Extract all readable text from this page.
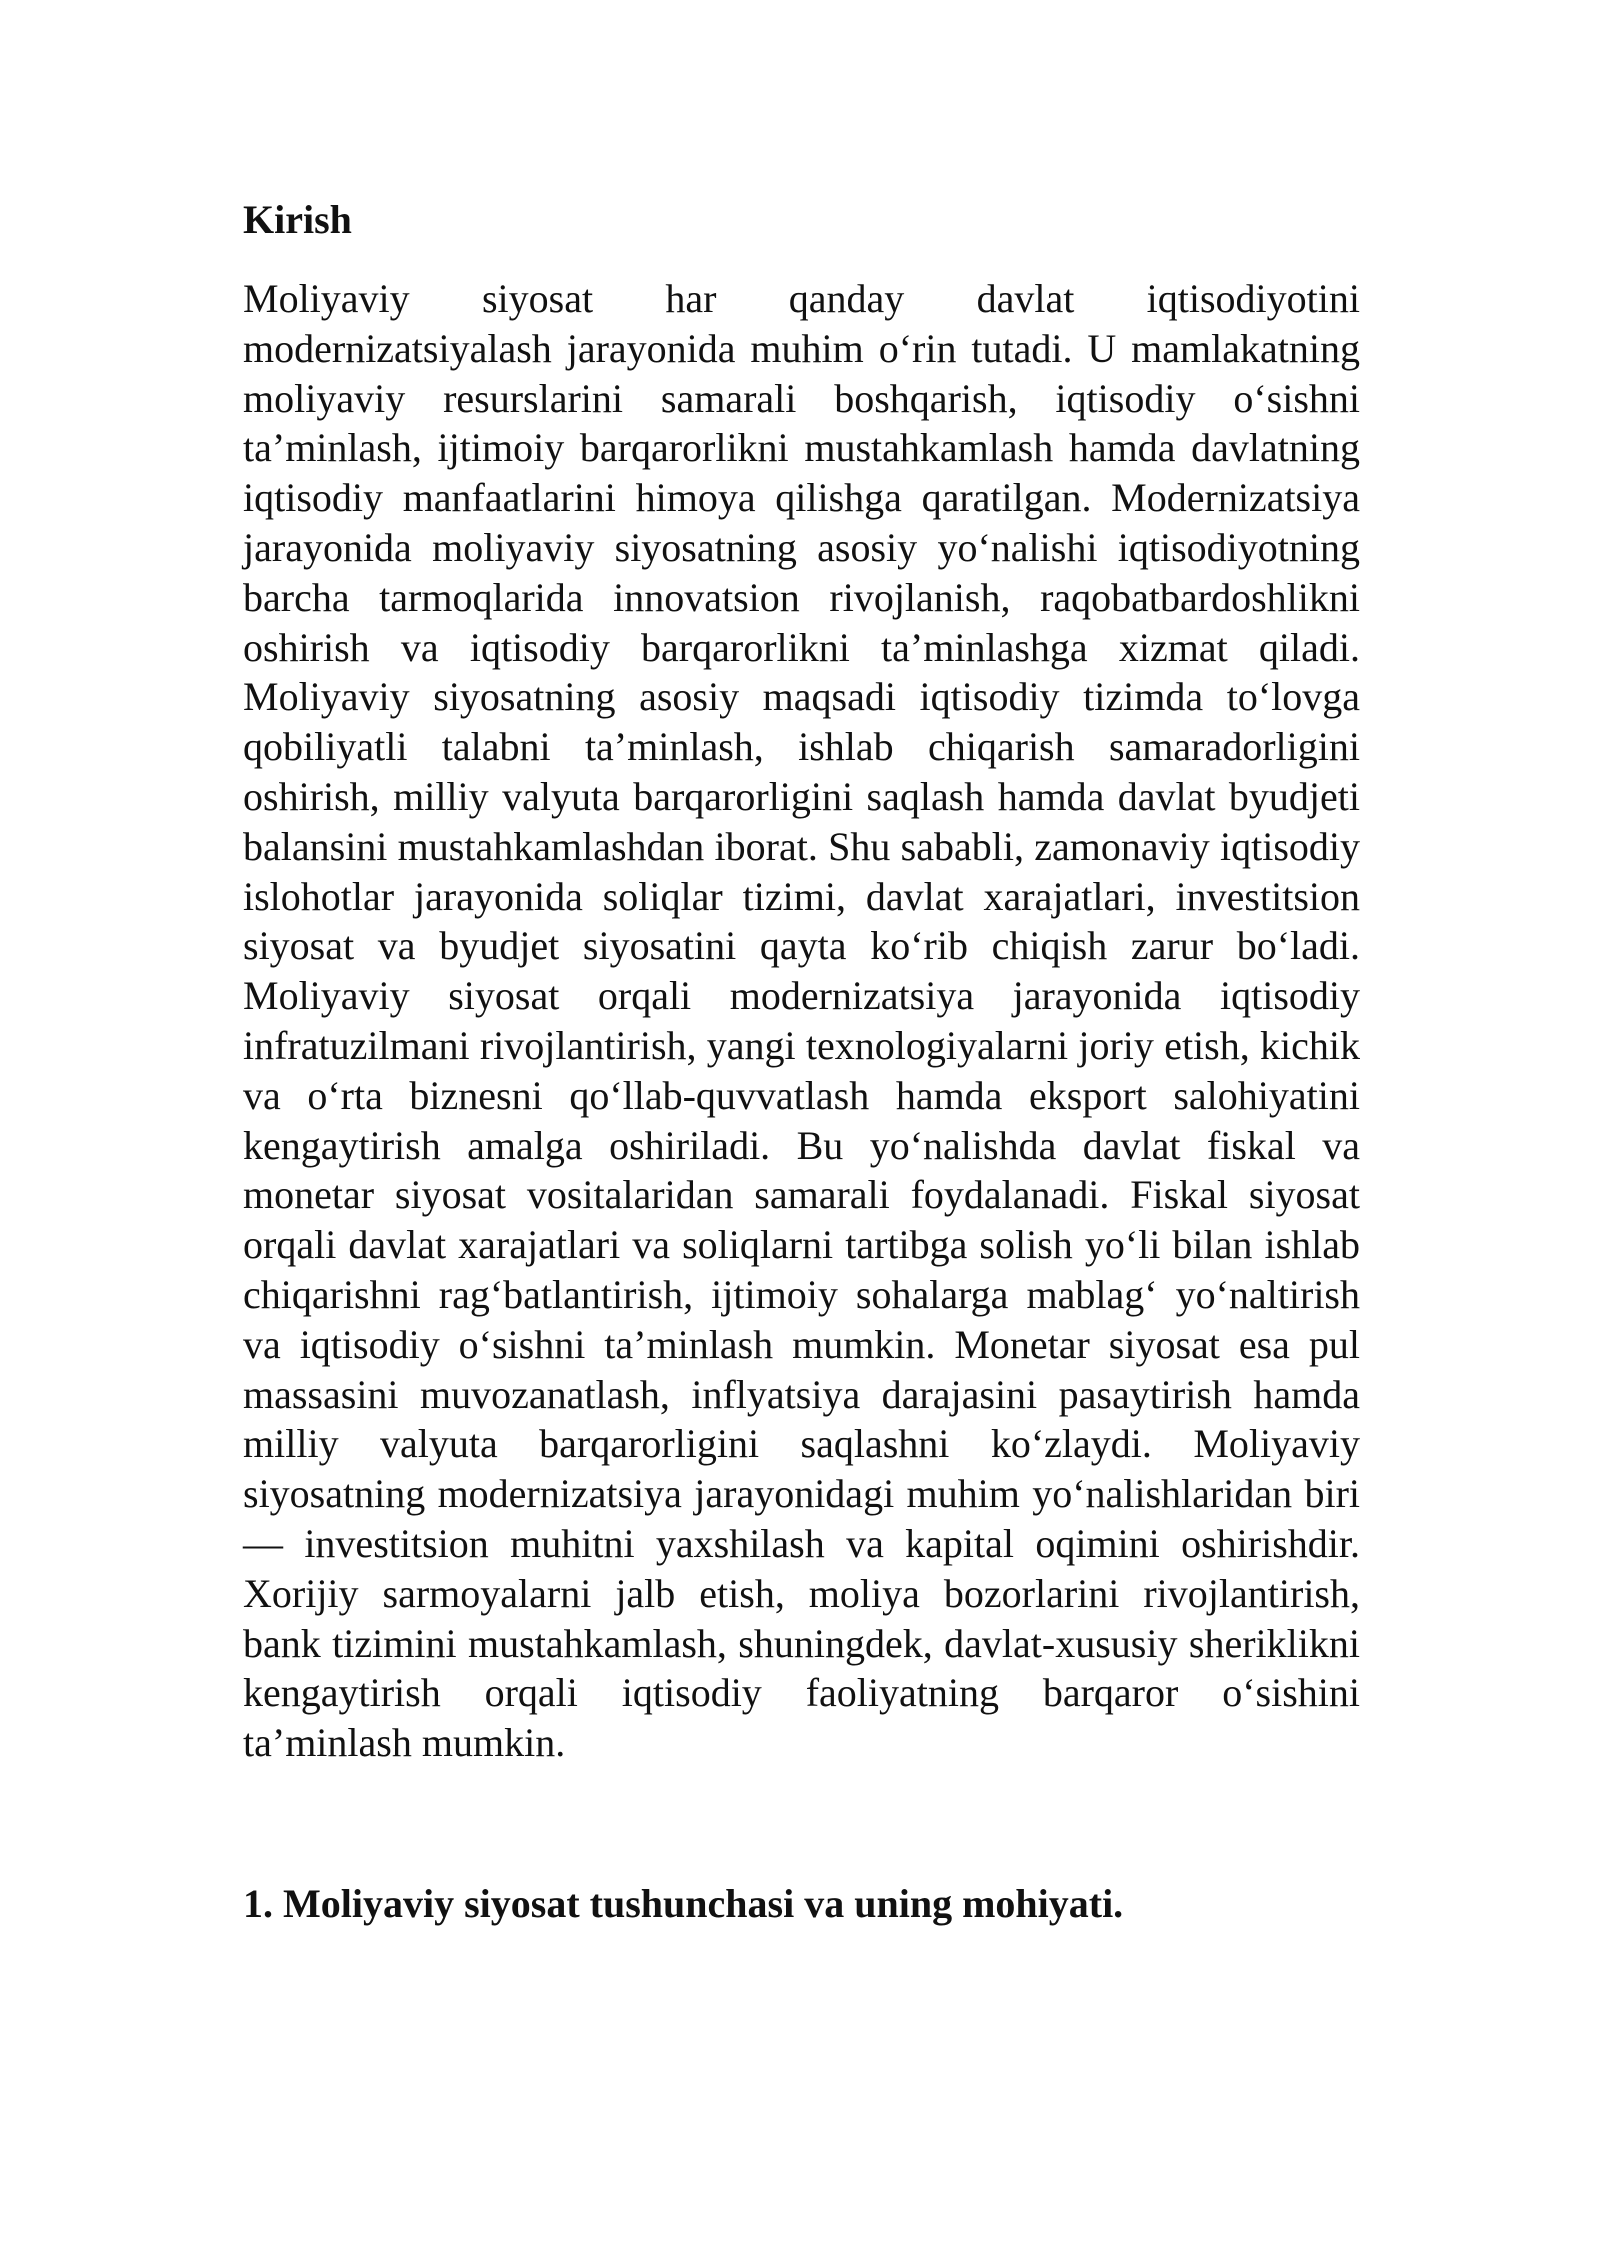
Kirish

Moliyaviy siyosat har qanday davlat iqtisodiyotini modernizatsiyalash jarayonida muhim o‘rin tutadi. U mamlakatning moliyaviy resurslarini samarali boshqarish, iqtisodiy o‘sishni ta’minlash, ijtimoiy barqarorlikni mustahkamlash hamda davlatning iqtisodiy manfaatlarini himoya qilishga qaratilgan. Modernizatsiya jarayonida moliyaviy siyosatning asosiy yo‘nalishi iqtisodiyotning barcha tarmoqlarida innovatsion rivojlanish, raqobatbardoshlikni oshirish va iqtisodiy barqarorlikni ta’minlashga xizmat qiladi. Moliyaviy siyosatning asosiy maqsadi iqtisodiy tizimda to‘lovga qobiliyatli talabni ta’minlash, ishlab chiqarish samaradorligini oshirish, milliy valyuta barqarorligini saqlash hamda davlat byudjeti balansini mustahkamlashdan iborat. Shu sababli, zamonaviy iqtisodiy islohotlar jarayonida soliqlar tizimi, davlat xarajatlari, investitsion siyosat va byudjet siyosatini qayta ko‘rib chiqish zarur bo‘ladi. Moliyaviy siyosat orqali modernizatsiya jarayonida iqtisodiy infratuzilmani rivojlantirish, yangi texnologiyalarni joriy etish, kichik va o‘rta biznesni qo‘llab-quvvatlash hamda eksport salohiyatini kengaytirish amalga oshiriladi. Bu yo‘nalishda davlat fiskal va monetar siyosat vositalaridan samarali foydalanadi. Fiskal siyosat orqali davlat xarajatlari va soliqlarni tartibga solish yo‘li bilan ishlab chiqarishni rag‘batlantirish, ijtimoiy sohalarga mablag‘ yo‘naltirish va iqtisodiy o‘sishni ta’minlash mumkin. Monetar siyosat esa pul massasini muvozanatlash, inflyatsiya darajasini pasaytirish hamda milliy valyuta barqarorligini saqlashni ko‘zlaydi. Moliyaviy siyosatning modernizatsiya jarayonidagi muhim yo‘nalishlaridan biri — investitsion muhitni yaxshilash va kapital oqimini oshirishdir. Xorijiy sarmoyalarni jalb etish, moliya bozorlarini rivojlantirish, bank tizimini mustahkamlash, shuningdek, davlat-xususiy sheriklikni kengaytirish orqali iqtisodiy faoliyatning barqaror o‘sishini ta’minlash mumkin.

1. Moliyaviy siyosat tushunchasi va uning mohiyati.
